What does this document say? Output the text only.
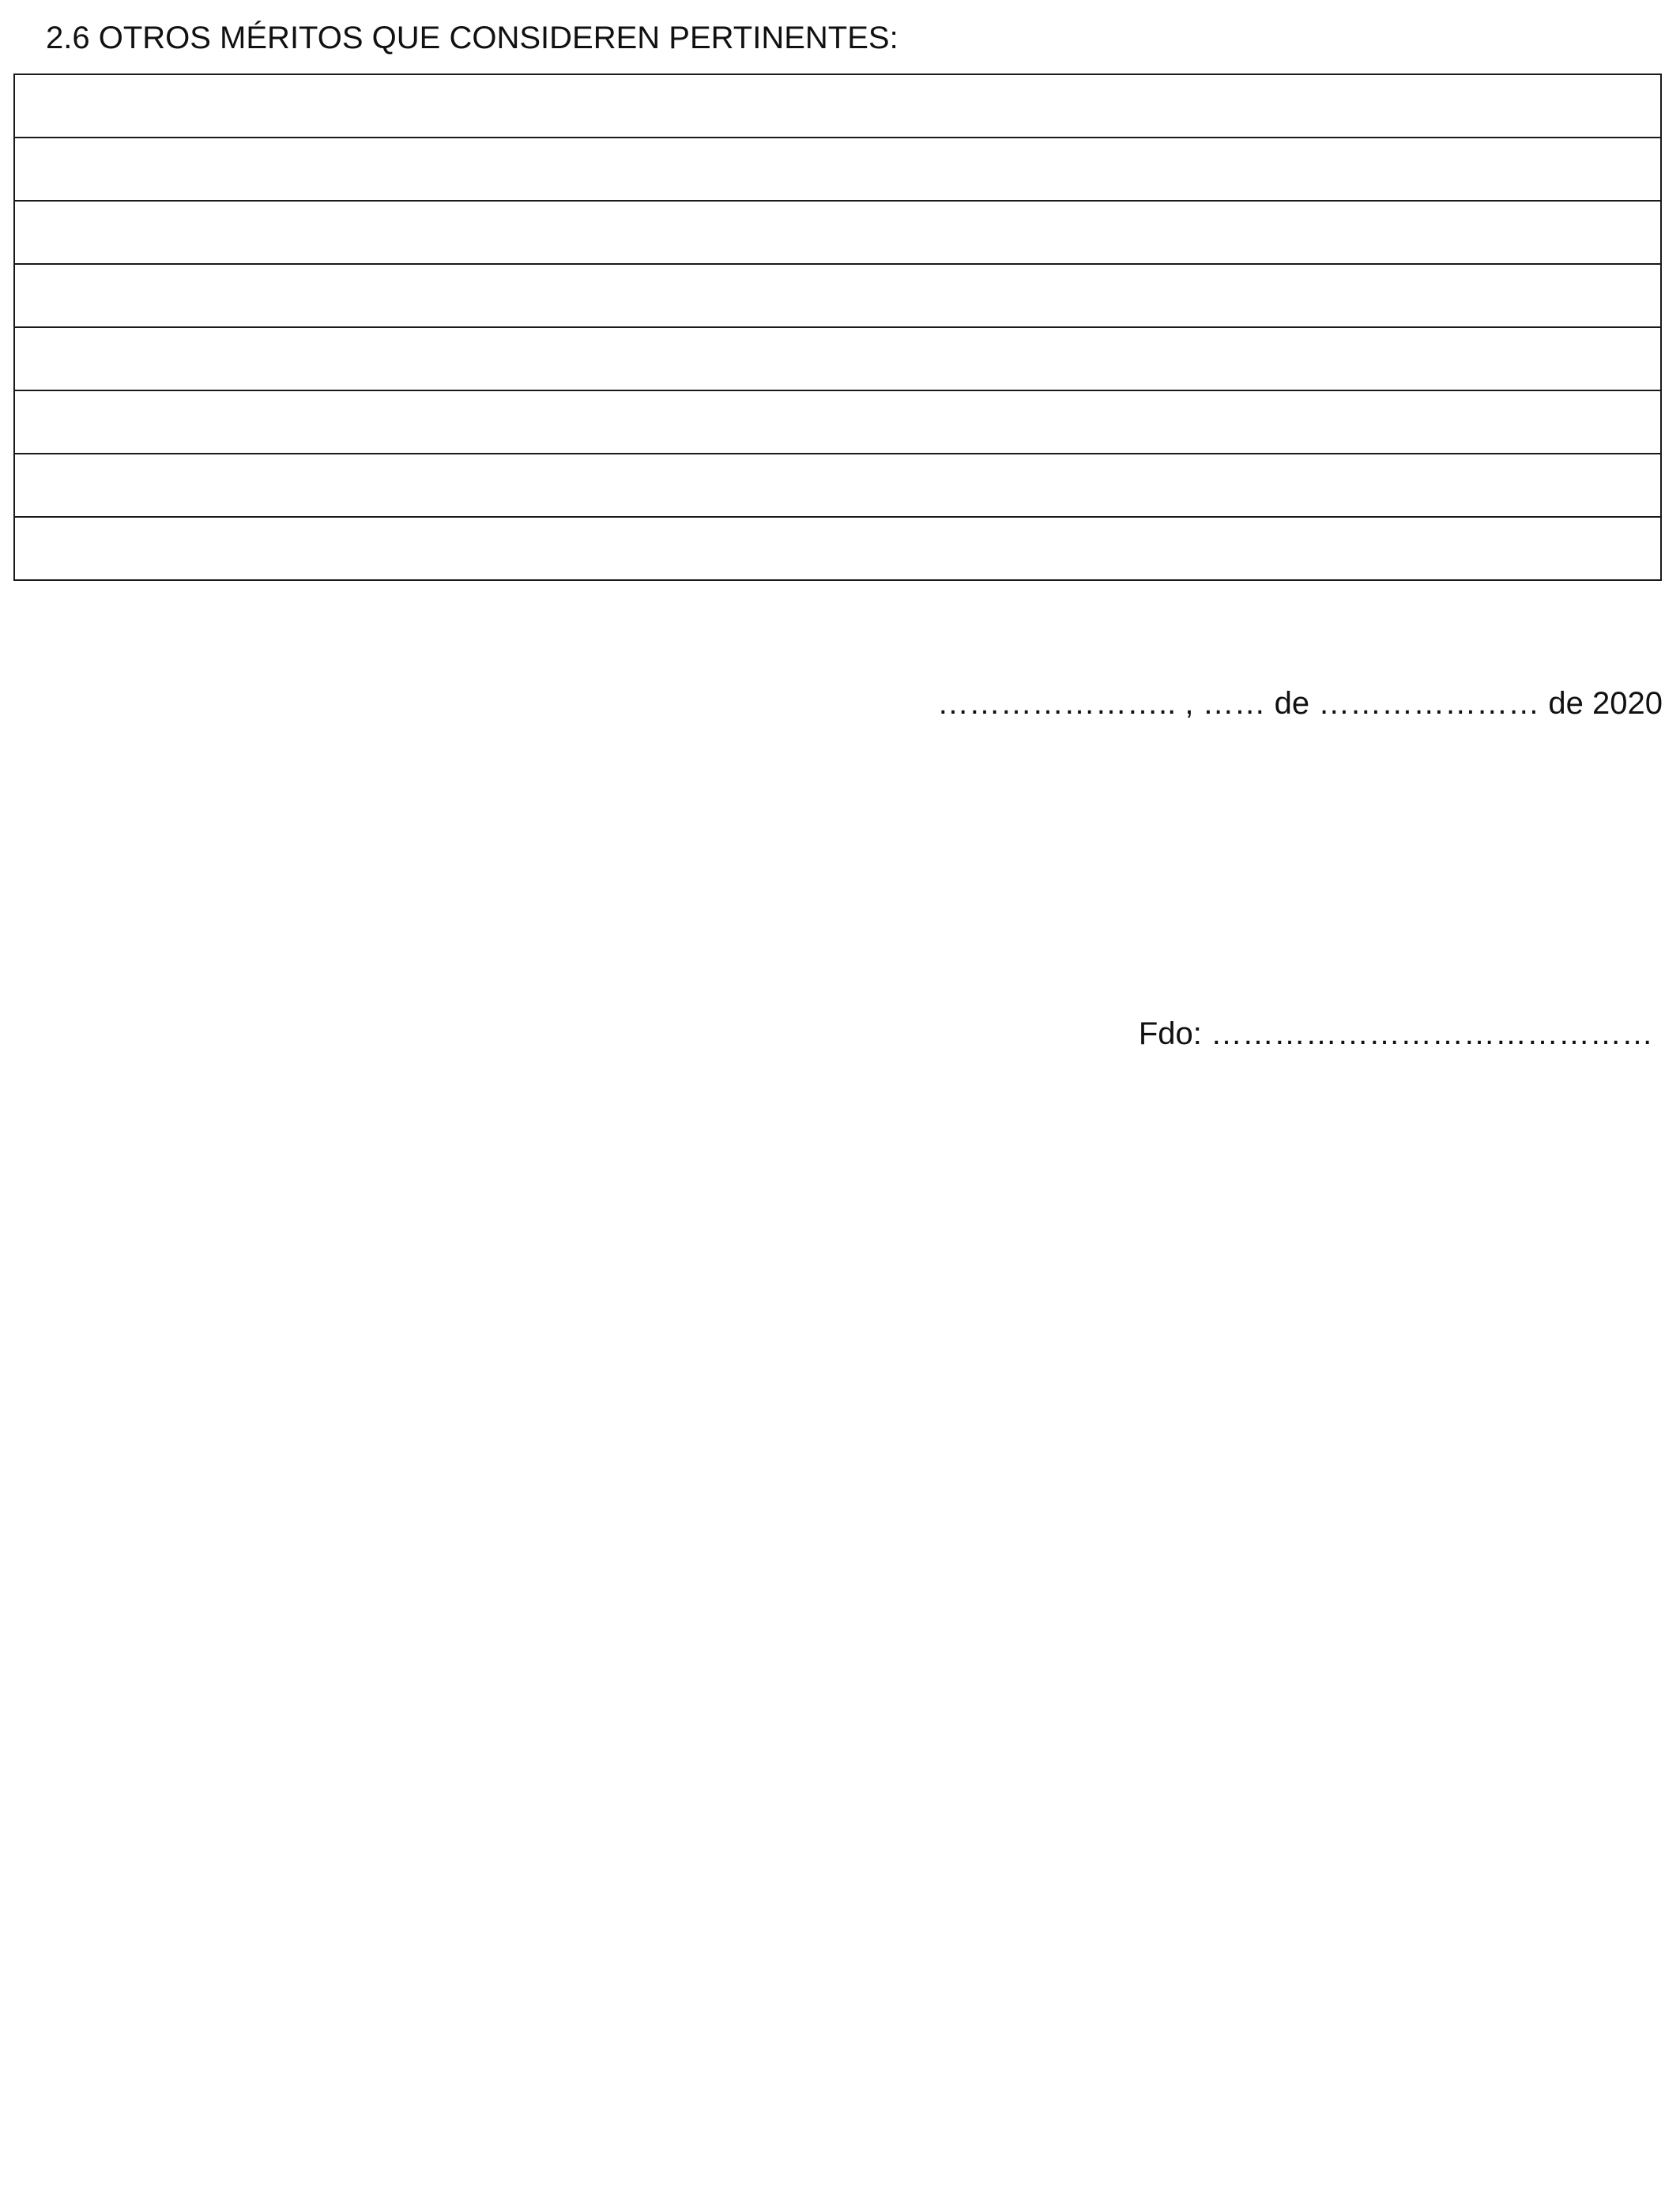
2.6 OTROS MÉRITOS QUE CONSIDEREN PERTINENTES:

………………….. , …… de ………………… de 2020
Fdo: ……………………………………
